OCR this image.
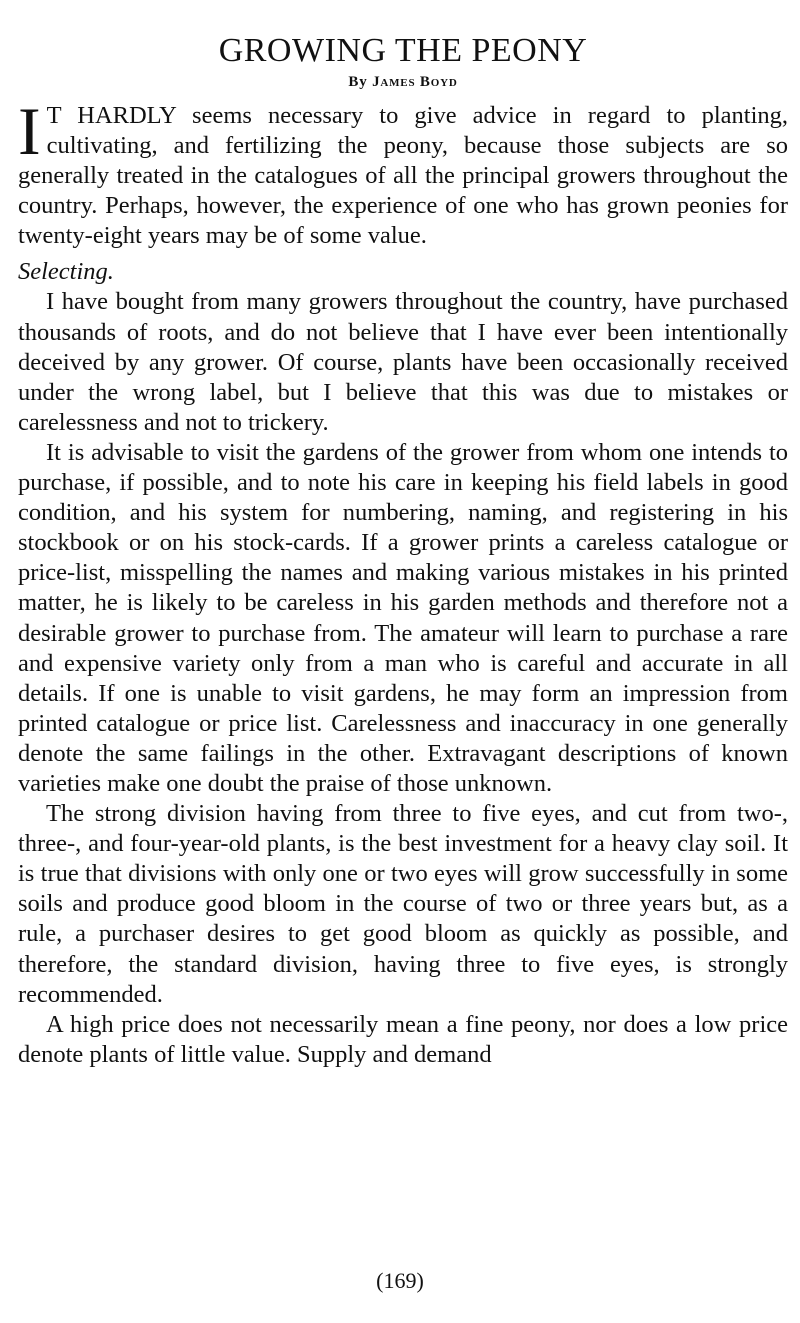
GROWING THE PEONY
By JAMES BOYD

I T HARDLY seems necessary to give advice in regard to planting, cultivating, and fertilizing the peony, because those subjects are so generally treated in the catalogues of all the principal growers throughout the country. Perhaps, however, the experience of one who has grown peonies for twenty-eight years may be of some value.

Selecting.

I have bought from many growers throughout the country, have purchased thousands of roots, and do not believe that I have ever been intentionally deceived by any grower. Of course, plants have been occasionally received under the wrong label, but I believe that this was due to mistakes or carelessness and not to trickery.

It is advisable to visit the gardens of the grower from whom one intends to purchase, if possible, and to note his care in keeping his field labels in good condition, and his system for numbering, naming, and registering in his stockbook or on his stock-cards. If a grower prints a careless catalogue or price-list, misspelling the names and making various mistakes in his printed matter, he is likely to be careless in his garden methods and therefore not a desirable grower to purchase from. The amateur will learn to purchase a rare and expensive variety only from a man who is careful and accurate in all details. If one is unable to visit gardens, he may form an impression from printed catalogue or price list. Carelessness and inaccuracy in one generally denote the same failings in the other. Extravagant descriptions of known varieties make one doubt the praise of those unknown.

The strong division having from three to five eyes, and cut from two-, three-, and four-year-old plants, is the best investment for a heavy clay soil. It is true that divisions with only one or two eyes will grow successfully in some soils and produce good bloom in the course of two or three years but, as a rule, a purchaser desires to get good bloom as quickly as possible, and therefore, the standard division, having three to five eyes, is strongly recommended.

A high price does not necessarily mean a fine peony, nor does a low price denote plants of little value. Supply and demand

(169)
